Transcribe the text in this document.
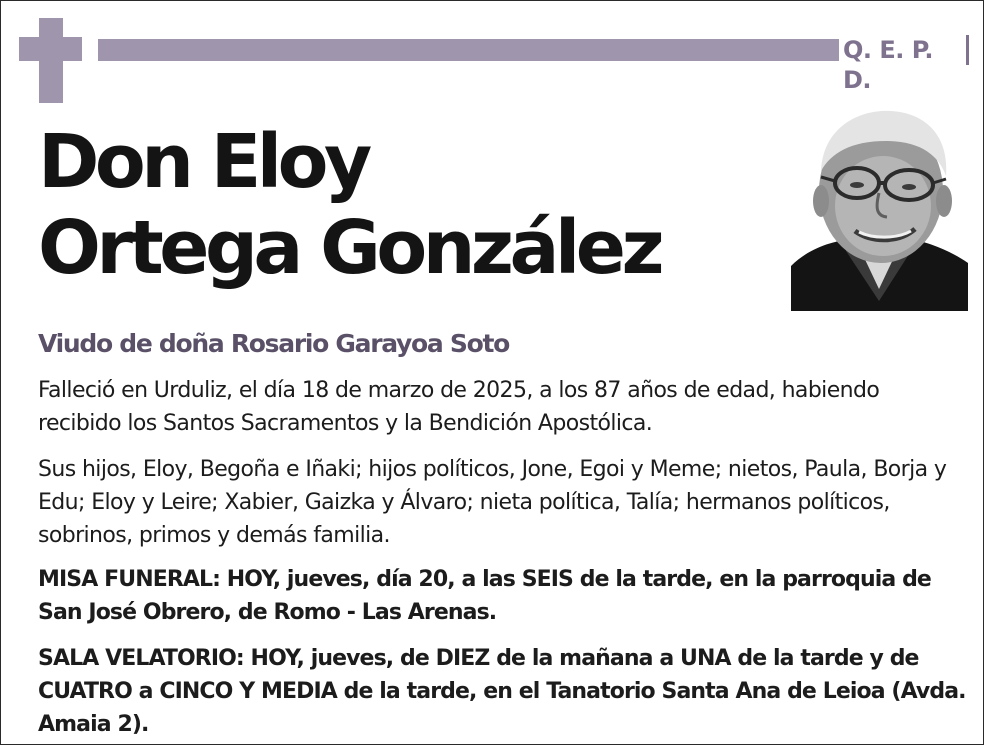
Q. E. P. D.
Don Eloy
Ortega González
Viudo de doña Rosario Garayoa Soto

Falleció en Urduliz, el día 18 de marzo de 2025, a los 87 años de edad, habiendo recibido los Santos Sacramentos y la Bendición Apostólica.

Sus hijos, Eloy, Begoña e Iñaki; hijos políticos, Jone, Egoi y Meme; nietos, Paula, Borja y Edu; Eloy y Leire; Xabier, Gaizka y Álvaro; nieta política, Talía; hermanos políticos, sobrinos, primos y demás familia.

MISA FUNERAL: HOY, jueves, día 20, a las SEIS de la tarde, en la parroquia de San José Obrero, de Romo - Las Arenas.

SALA VELATORIO: HOY, jueves, de DIEZ de la mañana a UNA de la tarde y de CUATRO a CINCO Y MEDIA de la tarde, en el Tanatorio Santa Ana de Leioa (Avda. Amaia 2).
